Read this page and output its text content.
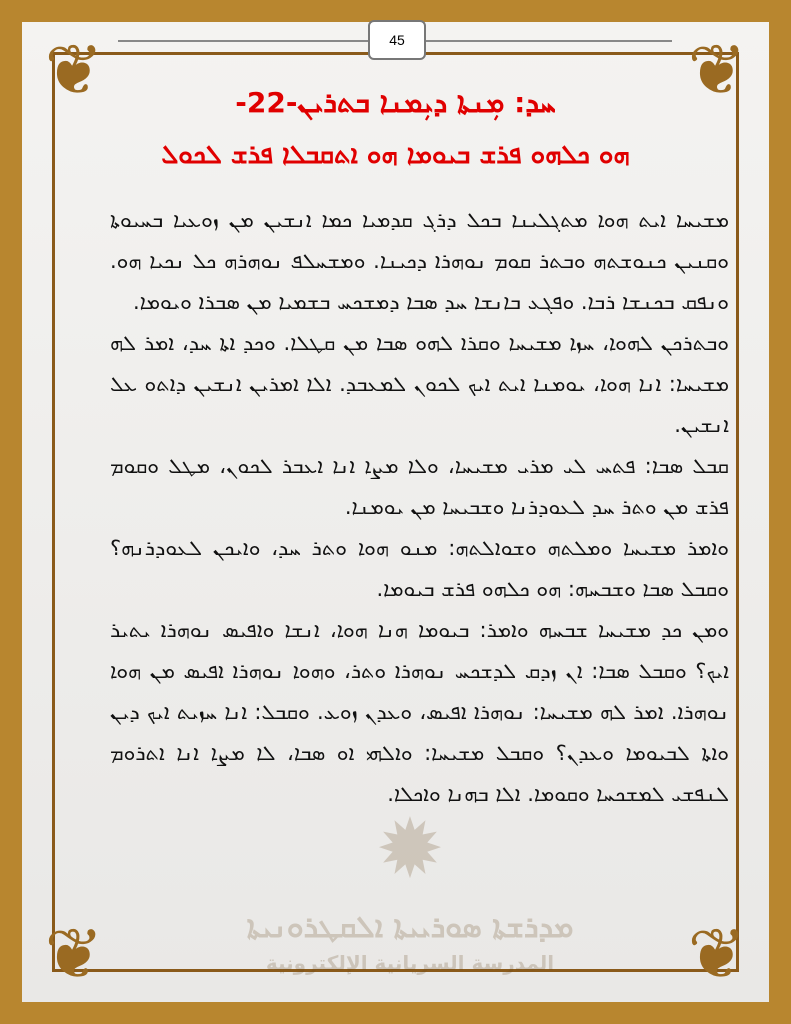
❦	❦
❦	❦
45
ܚܕ: ܡܼܢܬܐ ܕܝܼܡܢܐ ܒܬܪܝܢ-22-
ܗܘ ܟܠܗܘ ܦܪܫ ܒܝܘܡܐ ܗܘ ܐܬܩܒܠܐ ܦܪܫ ܠܟܘܠ
✹
ܡܕܪܫܬܐ ܣܘܪܝܝܬܐ ܐܠܩܛܪܘܢܝܬܐ
المدرسة السريانية الإلكترونية

ܡܫܝܚܐ ܐܝܬ ܗܘܐ ܡܬܓܠܝܢܐ ܒܟܠ ܕܪܓ ܩܕܡܝܐ ܟܡܐ ܐܢܫܝܢ ܡܢ ܙܘܥܝܐ ܒܚܝܘܬܐ ܘܩܢܝܢ ܟܢܘܫܬܗ ܘܒܬܪ ܩܘܡ ܢܘܗܪܐ ܕܟܝܢܐ. ܘܡܫܚܠܦ ܢܘܗܪܗ ܟܠ ܢܟܝܐ ܗܘ. ܘܢܦܩ ܒܟܢܫܐ ܪܒܐ. ܘܦܓܥ ܒܐܢܫܐ ܚܕ ܣܒܐ ܕܡܫܟܚ ܒܫܡܝܐ ܡܢ ܣܒܪܐ ܘܝܘܡܐ.

ܘܒܬܪܟܢ ܠܗܘܐ، ܚܙܐ ܡܫܝܚܐ ܘܩܪܐ ܠܗܘ ܣܒܐ ܡܢ ܩܛܠܐ. ܘܟܕ ܐܬܐ ܚܕ، ܐܡܪ ܠܗ ܡܫܝܚܐ: ܐܢܐ ܗܘܐ، ܝܘܡܢܐ ܐܝܬ ܐܝܟ ܠܟܘܢ ܠܡܥܒܕ. ܐܠܐ ܐܡܪܝܢ ܐܢܫܝܢ ܕܐܬܘ ܥܠ ܐܢܫܝܢ.

ܩܒܠ ܣܒܐ: ܦܬܚ ܠܝ ܡܪܝ ܡܫܝܚܐ، ܘܠܐ ܡܨܐ ܐܢܐ ܐܥܒܪ ܠܟܘܢ، ܡܛܠ ܘܩܘܡ ܦܪܫ ܡܢ ܘܬܪ ܚܕ ܠܥܘܕܪܢܐ ܘܫܒܝܚܐ ܡܢ ܝܘܡܢܐ.

ܘܐܡܪ ܡܫܝܚܐ ܘܡܠܬܗ ܘܫܘܐܠܬܗ: ܡܢܘ ܗܘܐ ܘܬܪ ܚܕ، ܘܐܝܟܢ ܠܥܘܕܪܢܗ؟ ܘܩܒܠ ܣܒܐ ܘܫܒܚܗ: ܗܘ ܟܠܗܘ ܦܪܫ ܒܝܘܡܐ.

ܘܡܢ ܟܕ ܡܫܝܚܐ ܫܒܚܗ ܘܐܡܪ: ܒܝܘܡܐ ܗܢܐ ܗܘܐ، ܐܢܫܐ ܘܐܦܝܣ ܢܘܗܪܐ ܝܬܝܪ ܐܝܟ؟ ܘܩܒܠ ܣܒܐ: ܐܢ ܙܕܩ ܠܕܫܟܚ ܢܘܗܪܐ ܘܬܪ، ܘܗܘܐ ܢܘܗܪܐ ܐܦܝܣ ܡܢ ܗܘܐ ܢܘܗܪܐ. ܐܡܪ ܠܗ ܡܫܝܚܐ: ܢܘܗܪܐ ܐܦܝܣ، ܘܥܕܢ ܙܘܥ. ܘܩܒܠ: ܐܢܐ ܚܙܝܬ ܐܝܟ ܕܝܢ ܘܐܬܐ ܠܒܝܘܡܐ ܘܥܕܢ؟ ܘܩܒܠ ܡܫܝܚܐ: ܘܐܠܗܝ ܐܘ ܣܒܐ، ܠܐ ܡܨܐ ܐܢܐ ܐܬܪܘܡ ܠܢܦܫܝ ܠܡܫܟܚܐ ܘܩܘܡܐ. ܐܠܐ ܒܗܢܐ ܘܐܟܠܐ.
